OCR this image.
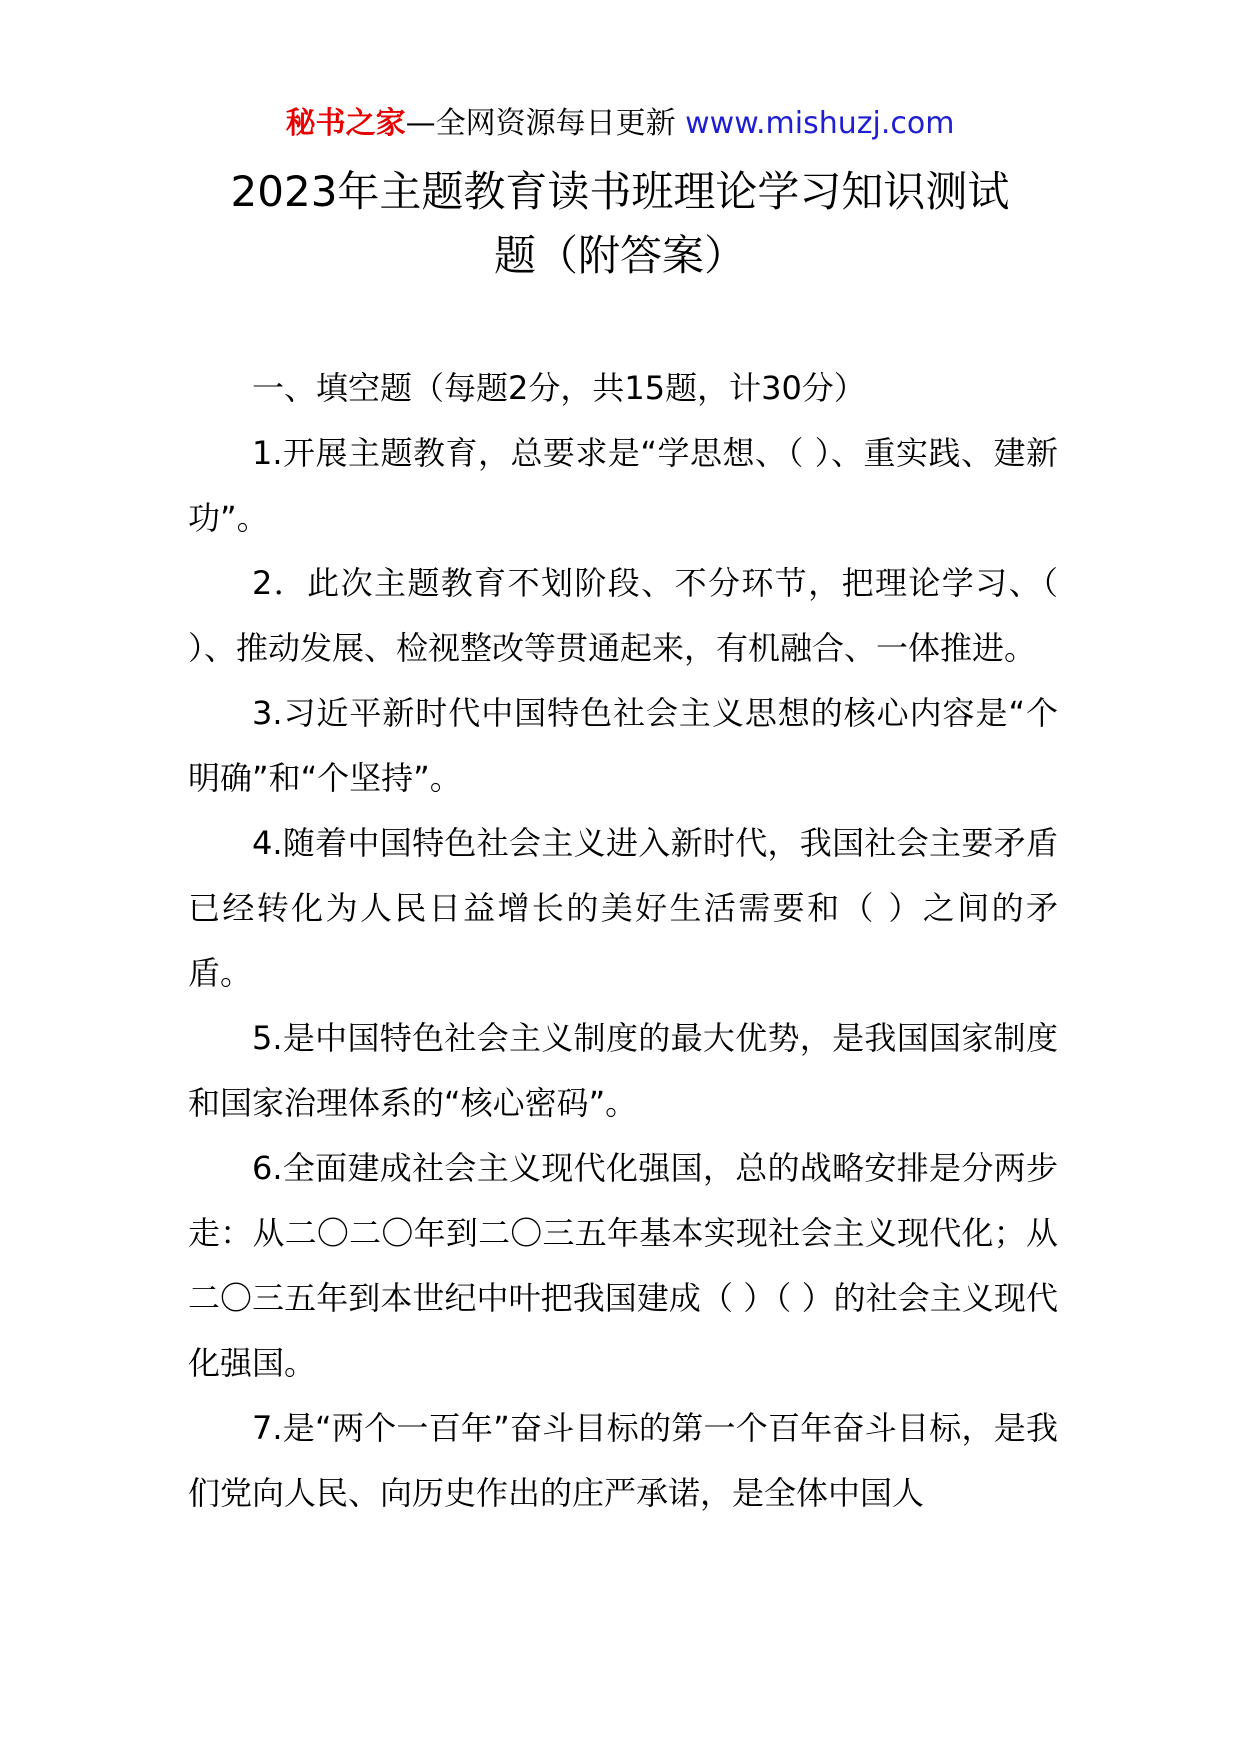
秘书之家—全网资源每日更新 www.mishuzj.com
2023年主题教育读书班理论学习知识测试
题（附答案）

一、填空题（每题2分，共15题，计30分）

1.开展主题教育，总要求是“学思想、（ ）、重实践、建新功”。

2．此次主题教育不划阶段、不分环节，把理论学习、（ ）、推动发展、检视整改等贯通起来，有机融合、一体推进。

3.习近平新时代中国特色社会主义思想的核心内容是“个明确”和“个坚持”。

4.随着中国特色社会主义进入新时代，我国社会主要矛盾已经转化为人民日益增长的美好生活需要和（ ）之间的矛盾。

5.是中国特色社会主义制度的最大优势，是我国国家制度和国家治理体系的“核心密码”。

6.全面建成社会主义现代化强国，总的战略安排是分两步走：从二〇二〇年到二〇三五年基本实现社会主义现代化；从二〇三五年到本世纪中叶把我国建成（ ）（ ）的社会主义现代化强国。

7.是“两个一百年”奋斗目标的第一个百年奋斗目标，是我们党向人民、向历史作出的庄严承诺，是全体中国人
